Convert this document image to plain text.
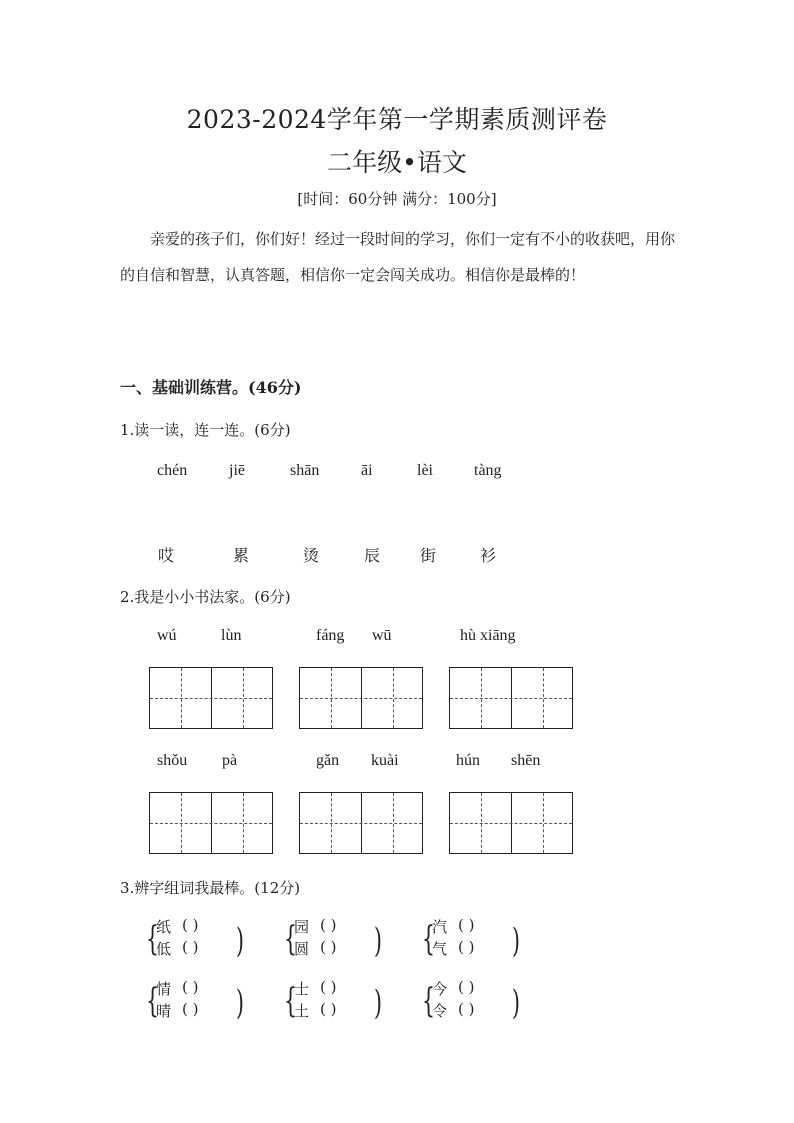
2023-2024学年第一学期素质测评卷
二年级•语文
[时间：60分钟 满分：100分]
亲爱的孩子们，你们好！经过一段时间的学习，你们一定有不小的收获吧，用你的自信和智慧，认真答题，相信你一定会闯关成功。相信你是最棒的！
一、基础训练营。(46分)
1.读一读，连一连。(6分)
chén	jiē	shān	āi	lèi	tàng
哎	累	烫	辰 街	衫
2.我是小小书法家。(6分)
wú	lùn	fáng wū	hù xiāng
shǒu pà	gǎn kuài	hún shēn
3.辨字组词我最棒。(12分)
{
纸 ( )
低 ( ) ) {
园 ( )
圆 ( ) ) {
汽 ( )
气 ( ) )
{
情 ( )
晴 ( ) ) {
士 ( )
土 ( ) ) {
今 ( )
令 ( ) )
